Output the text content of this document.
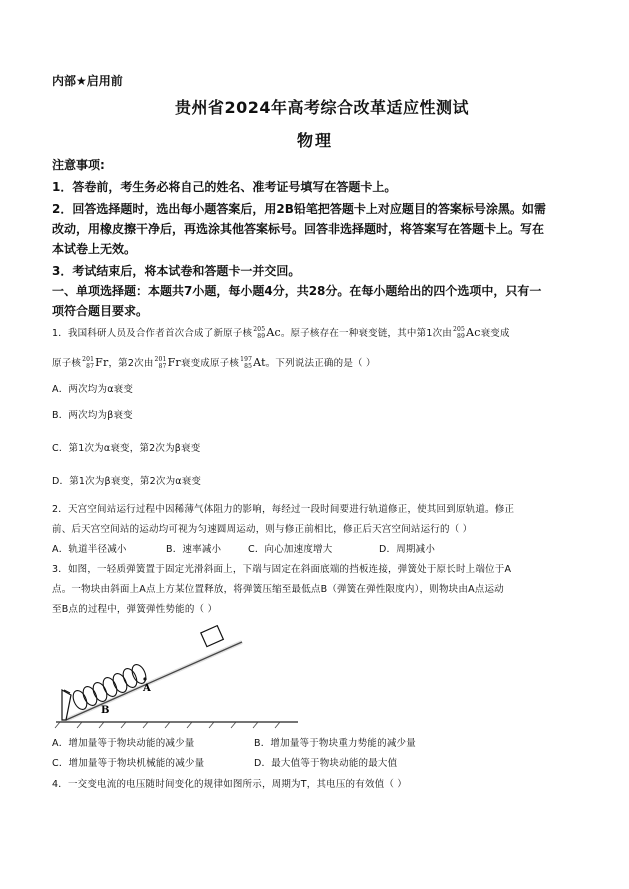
内部★启用前
贵州省2024年高考综合改革适应性测试
物理
注意事项:
1．答卷前，考生务必将自己的姓名、准考证号填写在答题卡上。
2．回答选择题时，选出每小题答案后，用2B铅笔把答题卡上对应题目的答案标号涂黑。如需
改动，用橡皮擦干净后，再选涂其他答案标号。回答非选择题时，将答案写在答题卡上。写在
本试卷上无效。
3．考试结束后，将本试卷和答题卡一并交回。
一、单项选择题：本题共7小题，每小题4分，共28分。在每小题给出的四个选项中，只有一
项符合题目要求。
1．我国科研人员及合作者首次合成了新原子核 205
89 Ac。原子核存在一种衰变链，其中第1次由 205
89 Ac衰变成
原子核 201
87 Fr，第2次由 201
87 Fr衰变成原子核 197
85 At。下列说法正确的是（ ）
A．两次均为α衰变
B．两次均为β衰变
C．第1次为α衰变，第2次为β衰变
D．第1次为β衰变，第2次为α衰变
2．天宫空间站运行过程中因稀薄气体阻力的影响，每经过一段时间要进行轨道修正，使其回到原轨道。修正
前、后天宫空间站的运动均可视为匀速圆周运动，则与修正前相比，修正后天宫空间站运行的（ ）
A．轨道半径减小	B．速率减小	C．向心加速度增大	D．周期减小
3．如图，一轻质弹簧置于固定光滑斜面上，下端与固定在斜面底端的挡板连接，弹簧处于原长时上端位于A
点。一物块由斜面上A点上方某位置释放，将弹簧压缩至最低点B（弹簧在弹性限度内），则物块由A点运动
至B点的过程中，弹簧弹性势能的（ ）
A
B
A．增加量等于物块动能的减少量	B．增加量等于物块重力势能的减少量
C．增加量等于物块机械能的减少量	D．最大值等于物块动能的最大值
4．一交变电流的电压随时间变化的规律如图所示，周期为T，其电压的有效值（ ）
